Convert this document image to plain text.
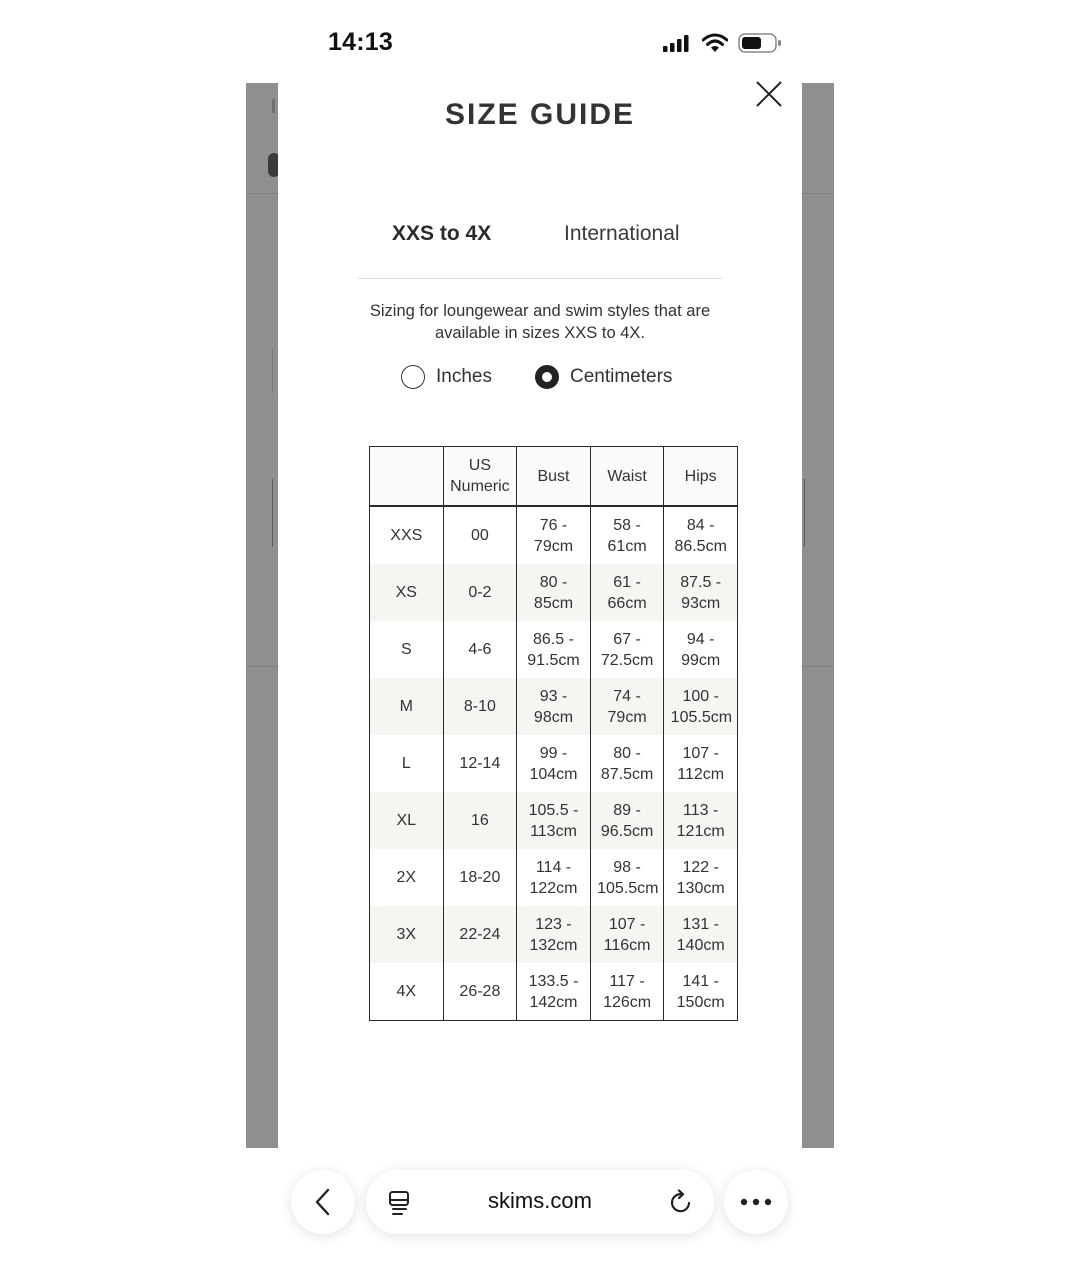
14:13
SIZE GUIDE
XXS to 4X	International
Sizing for loungewear and swim styles that are available in sizes XXS to 4X.
Inches	Centimeters
	US Numeric	Bust	Waist	Hips
XXS	00	76 - 79cm	58 - 61cm	84 - 86.5cm
XS	0-2	80 - 85cm	61 - 66cm	87.5 - 93cm
S	4-6	86.5 - 91.5cm	67 - 72.5cm	94 - 99cm
M	8-10	93 - 98cm	74 - 79cm	100 - 105.5cm
L	12-14	99 - 104cm	80 - 87.5cm	107 - 112cm
XL	16	105.5 - 113cm	89 - 96.5cm	113 - 121cm
2X	18-20	114 - 122cm	98 - 105.5cm	122 - 130cm
3X	22-24	123 - 132cm	107 - 116cm	131 - 140cm
4X	26-28	133.5 - 142cm	117 - 126cm	141 - 150cm
skims.com
